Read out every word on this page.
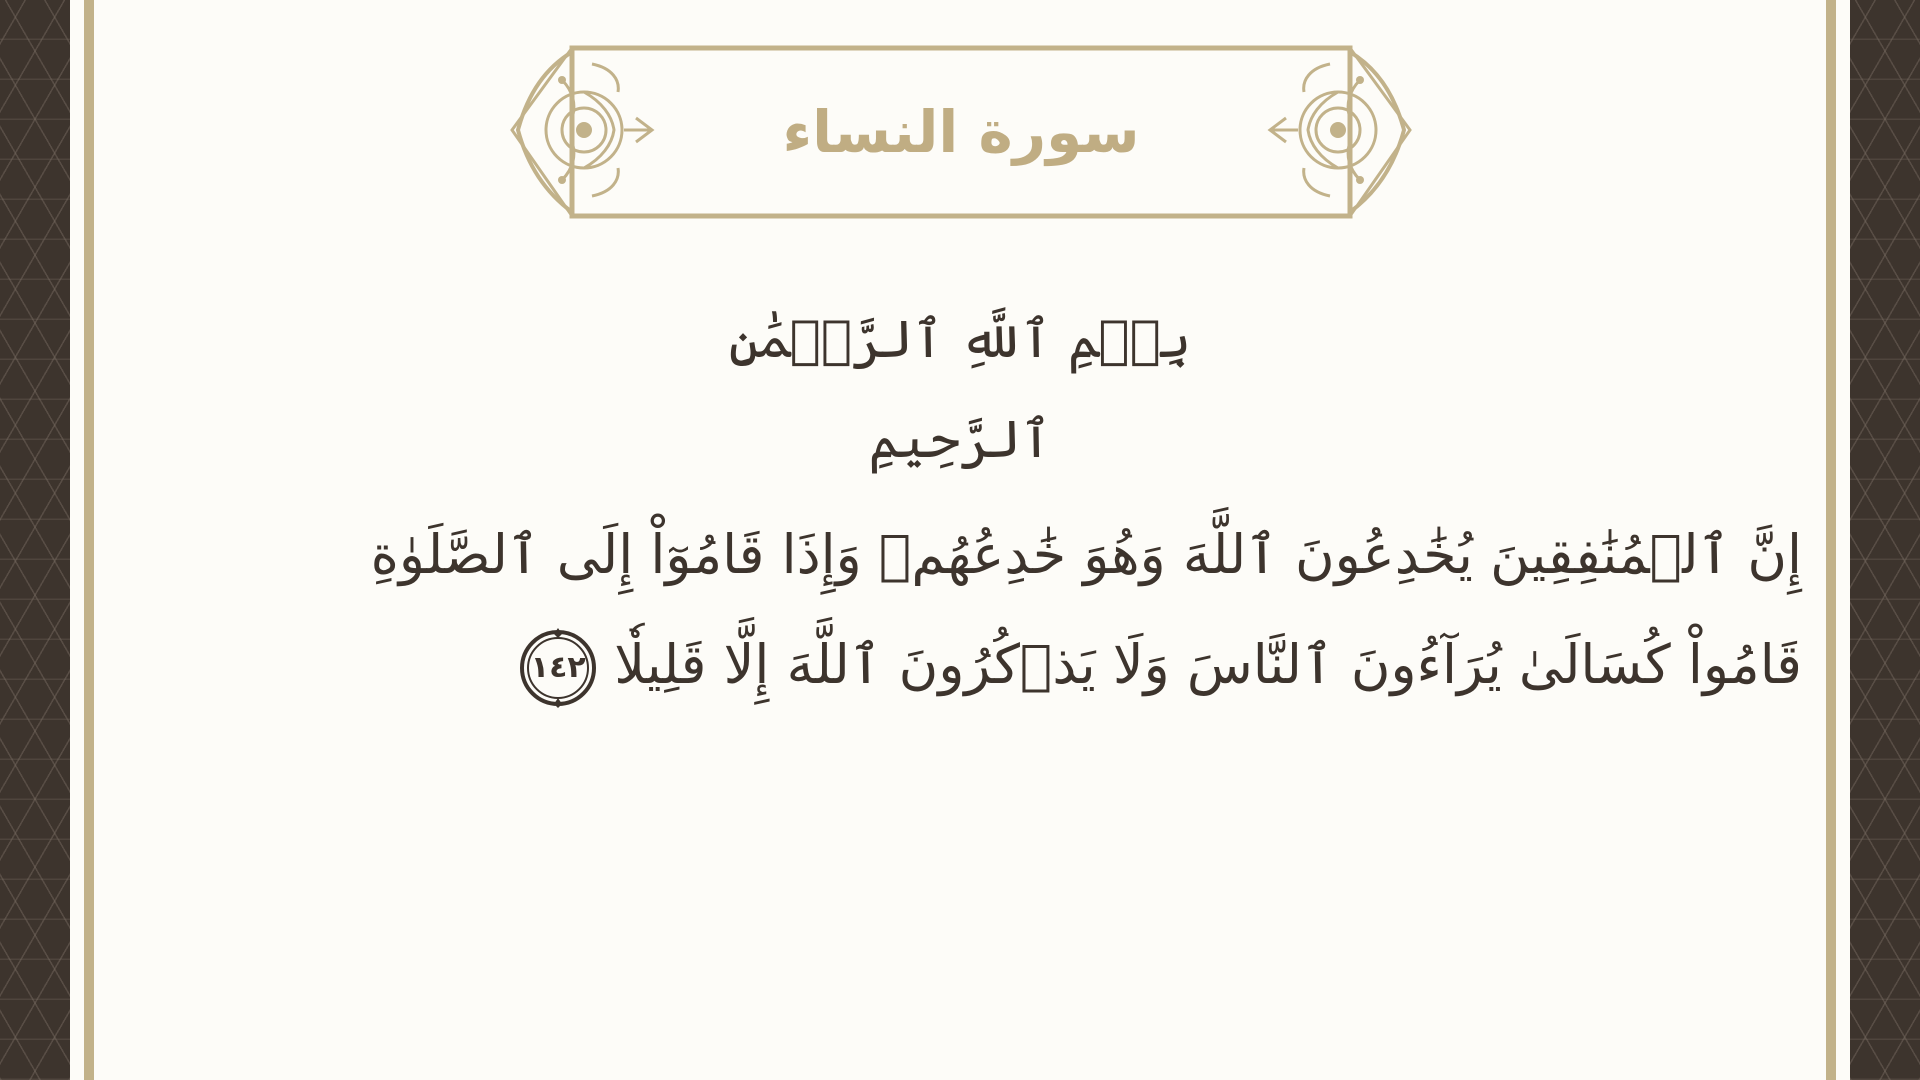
سورة النساء
بِسۡمِ ٱللَّهِ ٱلرَّحۡمَٰنِ ٱلرَّحِيمِ
إِنَّ ٱلۡمُنَٰفِقِينَ يُخَٰدِعُونَ ٱللَّهَ وَهُوَ خَٰدِعُهُمۡ وَإِذَا قَامُوٓاْ إِلَى ٱلصَّلَوٰةِ
قَامُواْ كُسَالَىٰ يُرَآءُونَ ٱلنَّاسَ وَلَا يَذۡكُرُونَ ٱللَّهَ إِلَّا قَلِيلٗا
١٤٢
